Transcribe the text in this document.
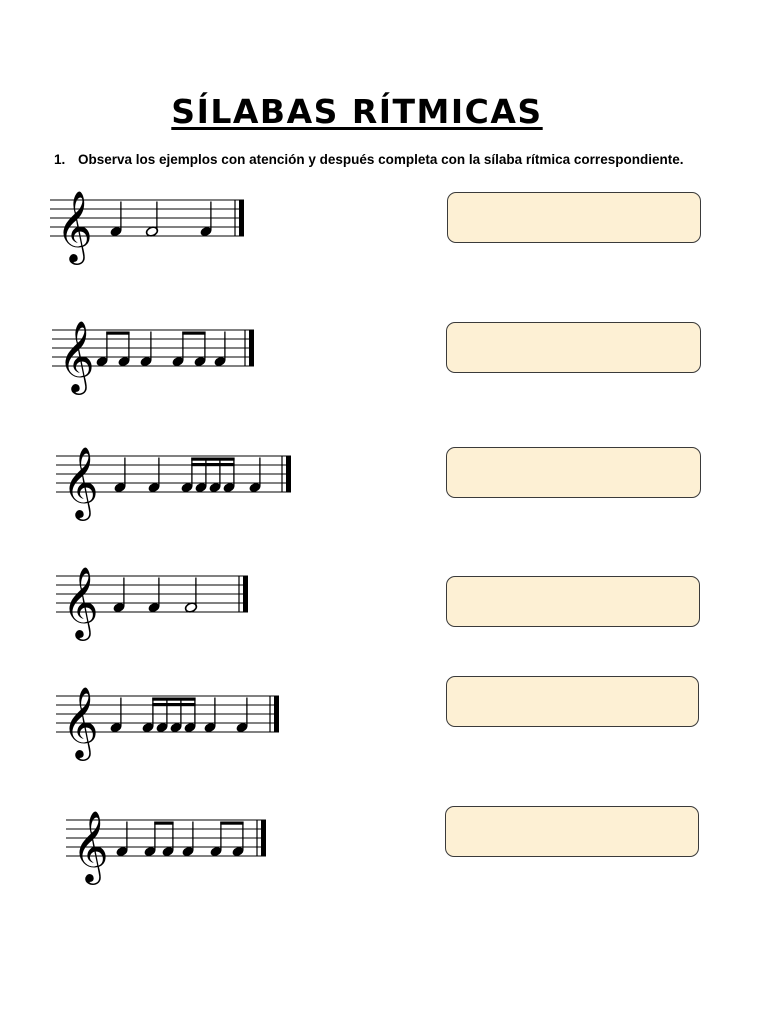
SÍLABAS RÍTMICAS
1. Observa los ejemplos con atención y después completa con la sílaba rítmica correspondiente.
𝄞
𝄞
𝄞
𝄞
𝄞
𝄞
